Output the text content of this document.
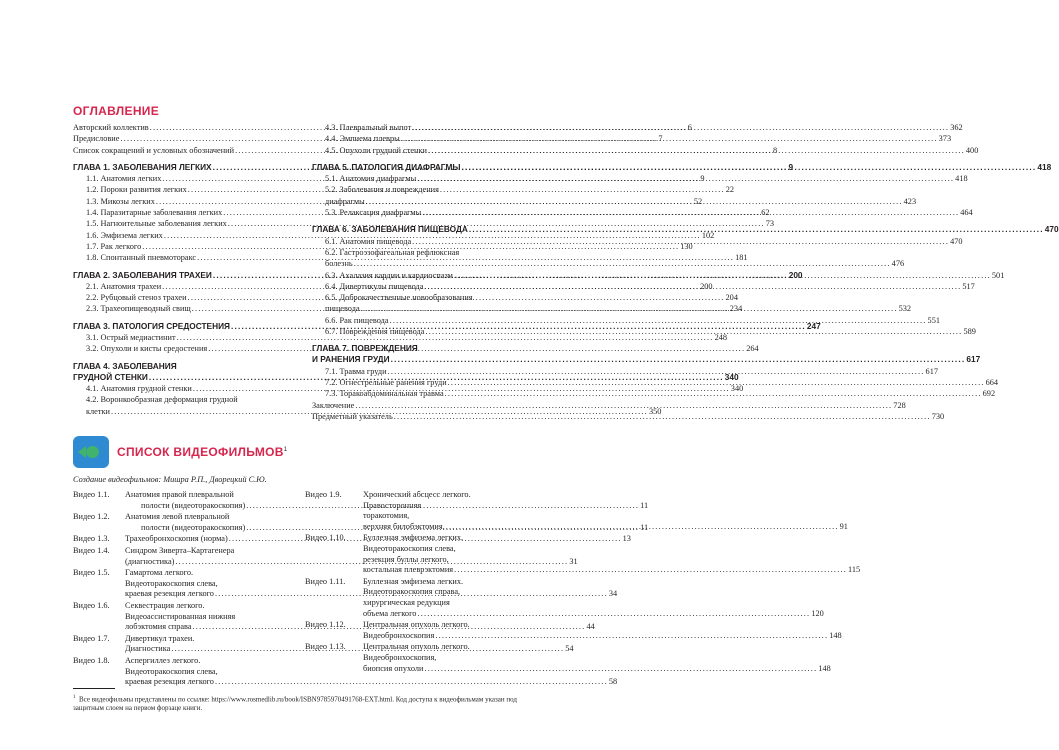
ОГЛАВЛЕНИЕ
Авторский коллектив .....	6
Предисловие .....	7
Список сокращений и условных обозначений .....	8
ГЛАВА 1. ЗАБОЛЕВАНИЯ ЛЕГКИХ .....	9
1.1. Анатомия легких .....	9
1.2. Пороки развития легких .....	22
1.3. Микозы легких .....	52
1.4. Паразитарные заболевания легких .....	62
1.5. Нагноительные заболевания легких .....	73
1.6. Эмфизема легких .....	102
1.7. Рак легкого .....	130
1.8. Спонтанный пневмоторакс .....	181
ГЛАВА 2. ЗАБОЛЕВАНИЯ ТРАХЕИ .....	200
2.1. Анатомия трахеи .....	200
2.2. Рубцовый стеноз трахеи .....	204
2.3. Трахеопищеводный свищ .....	234
ГЛАВА 3. ПАТОЛОГИЯ СРЕДОСТЕНИЯ .....	247
3.1. Острый медиастинит .....	248
3.2. Опухоли и кисты средостения .....	264
ГЛАВА 4. ЗАБОЛЕВАНИЯ
ГРУДНОЙ СТЕНКИ .....	340
4.1. Анатомия грудной стенки .....	340
4.2. Воронкообразная деформация грудной
клетки .....	350
4.3. Плевральный выпот .....	362
4.4. Эмпиема плевры .....	373
4.5. Опухоли грудной стенки .....	400
ГЛАВА 5. ПАТОЛОГИЯ ДИАФРАГМЫ .....	418
5.1. Анатомия диафрагмы .....	418
5.2. Заболевания и повреждения
диафрагмы .....	423
5.3. Релаксация диафрагмы .....	464
ГЛАВА 6. ЗАБОЛЕВАНИЯ ПИЩЕВОДА .....	470
6.1. Анатомия пищевода .....	470
6.2. Гастроэзофагеальная рефлюксная
болезнь .....	476
6.3. Ахалазия кардии и кардиоспазм .....	501
6.4. Дивертикулы пищевода .....	517
6.5. Доброкачественные новообразования
пищевода .....	532
6.6. Рак пищевода .....	551
6.7. Повреждения пищевода .....	589
ГЛАВА 7. ПОВРЕЖДЕНИЯ
И РАНЕНИЯ ГРУДИ .....	617
7.1. Травма груди .....	617
7.2. Огнестрельные ранения груди .....	664
7.3. Торакоабдоминальная травма .....	692
Заключение .....	728
Предметный указатель .....	730
СПИСОК ВИДЕОФИЛЬМОВ$^1$
Создание видеофильмов: Мишра Р.П., Дворецкий С.Ю.
Видео 1.1.	Анатомия правой плевральной
полости (видеоторакоскопия) .....	11
Видео 1.2.	Анатомия левой плевральной
полости (видеоторакоскопия) .....	11
Видео 1.3.	Трахеобронхоскопия (норма) .....	13
Видео 1.4.	Синдром Зиверта–Картагенера
(диагностика) .....	31
Видео 1.5.	Гамартома легкого.
Видеоторакоскопия слева,
краевая резекция легкого .....	34
Видео 1.6.	Секвестрация легкого.
Видеоассистированная нижняя
лобэктомия справа .....	44
Видео 1.7.	Дивертикул трахеи.
Диагностика .....	54
Видео 1.8.	Аспергиллез легкого.
Видеоторакоскопия слева,
краевая резекция легкого .....	58
Видео 1.9.	Хронический абсцесс легкого.
Правосторонняя
торакотомия,
верхняя билобэктомия. .....	91
Видео 1.10.	Буллезная эмфизема легких.
Видеоторакоскопия слева,
резекция буллы легкого,
костальная плеврэктомия .....	115
Видео 1.11.	Буллезная эмфизема легких.
Видеоторакоскопия справа,
хирургическая редукция
объема легкого .....	120
Видео 1.12.	Центральная опухоль легкого.
Видеобронхоскопия .....	148
Видео 1.13.	Центральная опухоль легкого.
Видеобронхоскопия,
биопсия опухоли .....	148
$^1$ Все видеофильмы представлены по ссылке: https://www.rosmedlib.ru/book/ISBN9785970491768-EXT.html. Код доступа к видеофильмам указан под защитным слоем на первом форзаце книги.
